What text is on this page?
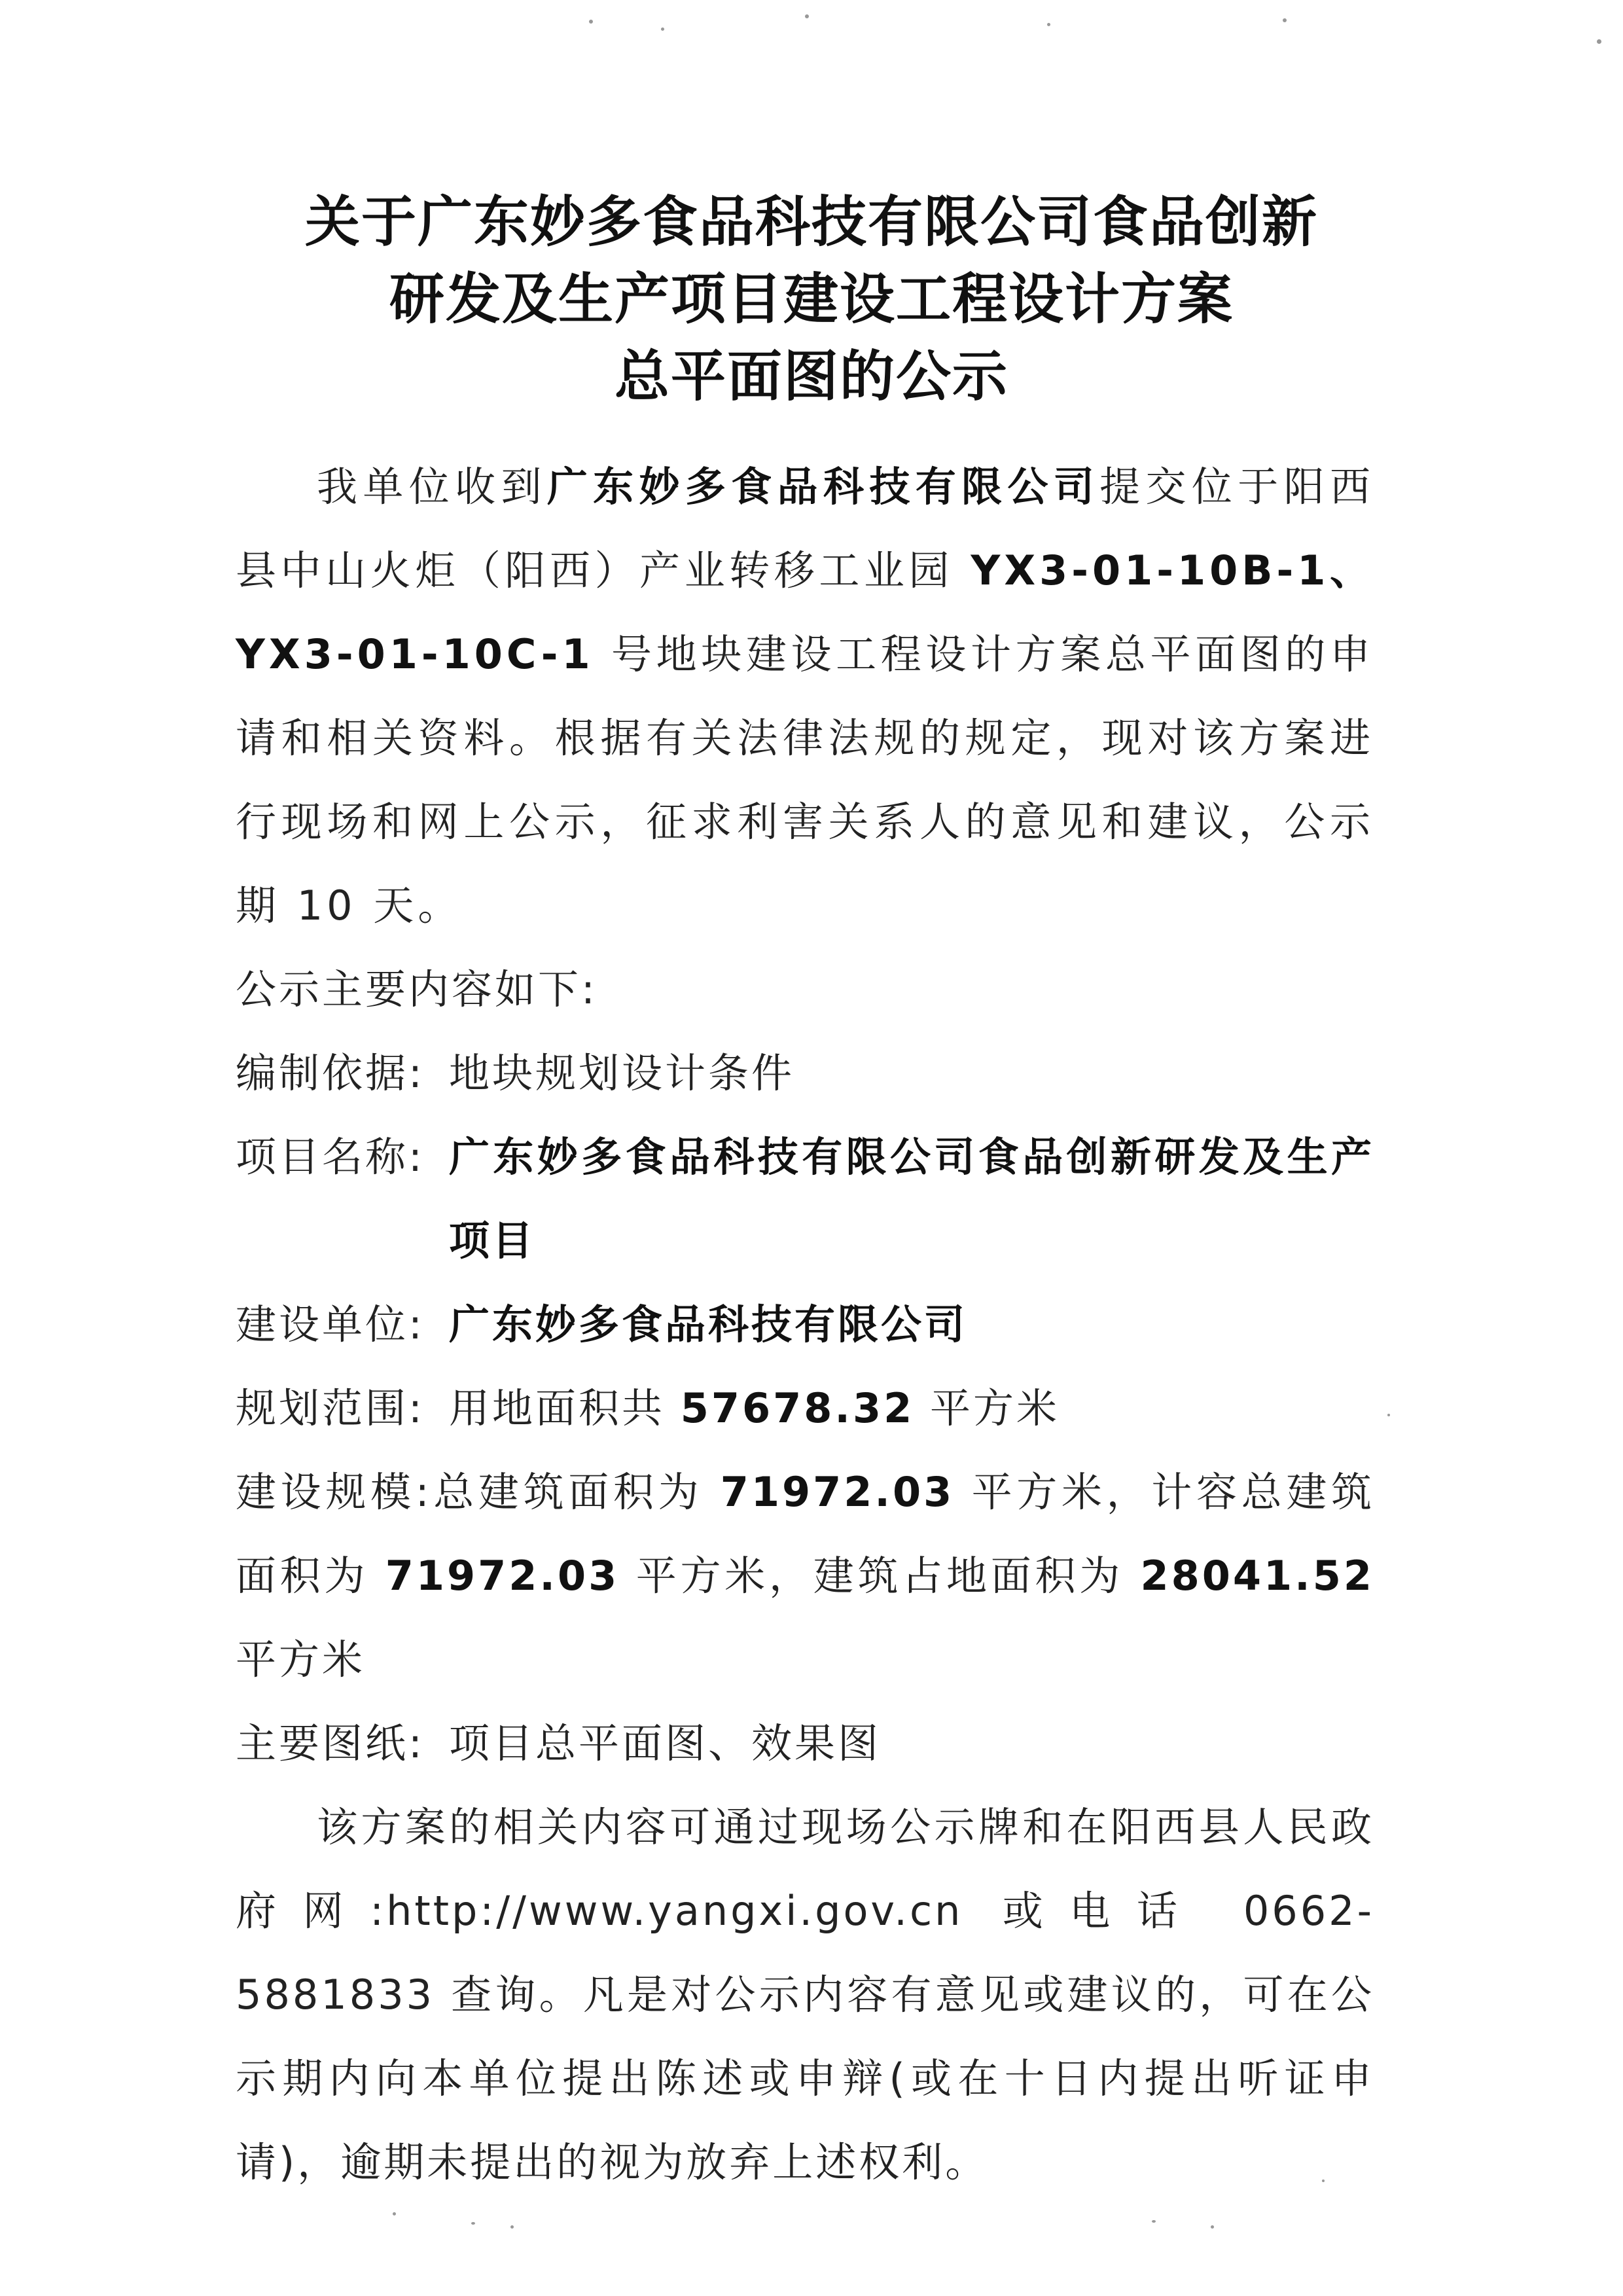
关于广东妙多食品科技有限公司食品创新
研发及生产项目建设工程设计方案
总平面图的公示
我单位收到广东妙多食品科技有限公司提交位于阳西县中山火炬（阳西）产业转移工业园 YX3-01-10B-1、YX3-01-10C-1 号地块建设工程设计方案总平面图的申请和相关资料。根据有关法律法规的规定，现对该方案进行现场和网上公示，征求利害关系人的意见和建议，公示期 10 天。
公示主要内容如下:
编制依据: 地块规划设计条件
项目名称: 广东妙多食品科技有限公司食品创新研发及生产项目
建设单位: 广东妙多食品科技有限公司
规划范围: 用地面积共 57678.32 平方米
建设规模:总建筑面积为 71972.03 平方米，计容总建筑面积为 71972.03 平方米，建筑占地面积为 28041.52 平方米
主要图纸: 项目总平面图、效果图
该方案的相关内容可通过现场公示牌和在阳西县人民政府网:http://www.yangxi.gov.cn 或电话 0662-5881833 查询。凡是对公示内容有意见或建议的，可在公示期内向本单位提出陈述或申辩(或在十日内提出听证申请)，逾期未提出的视为放弃上述权利。
